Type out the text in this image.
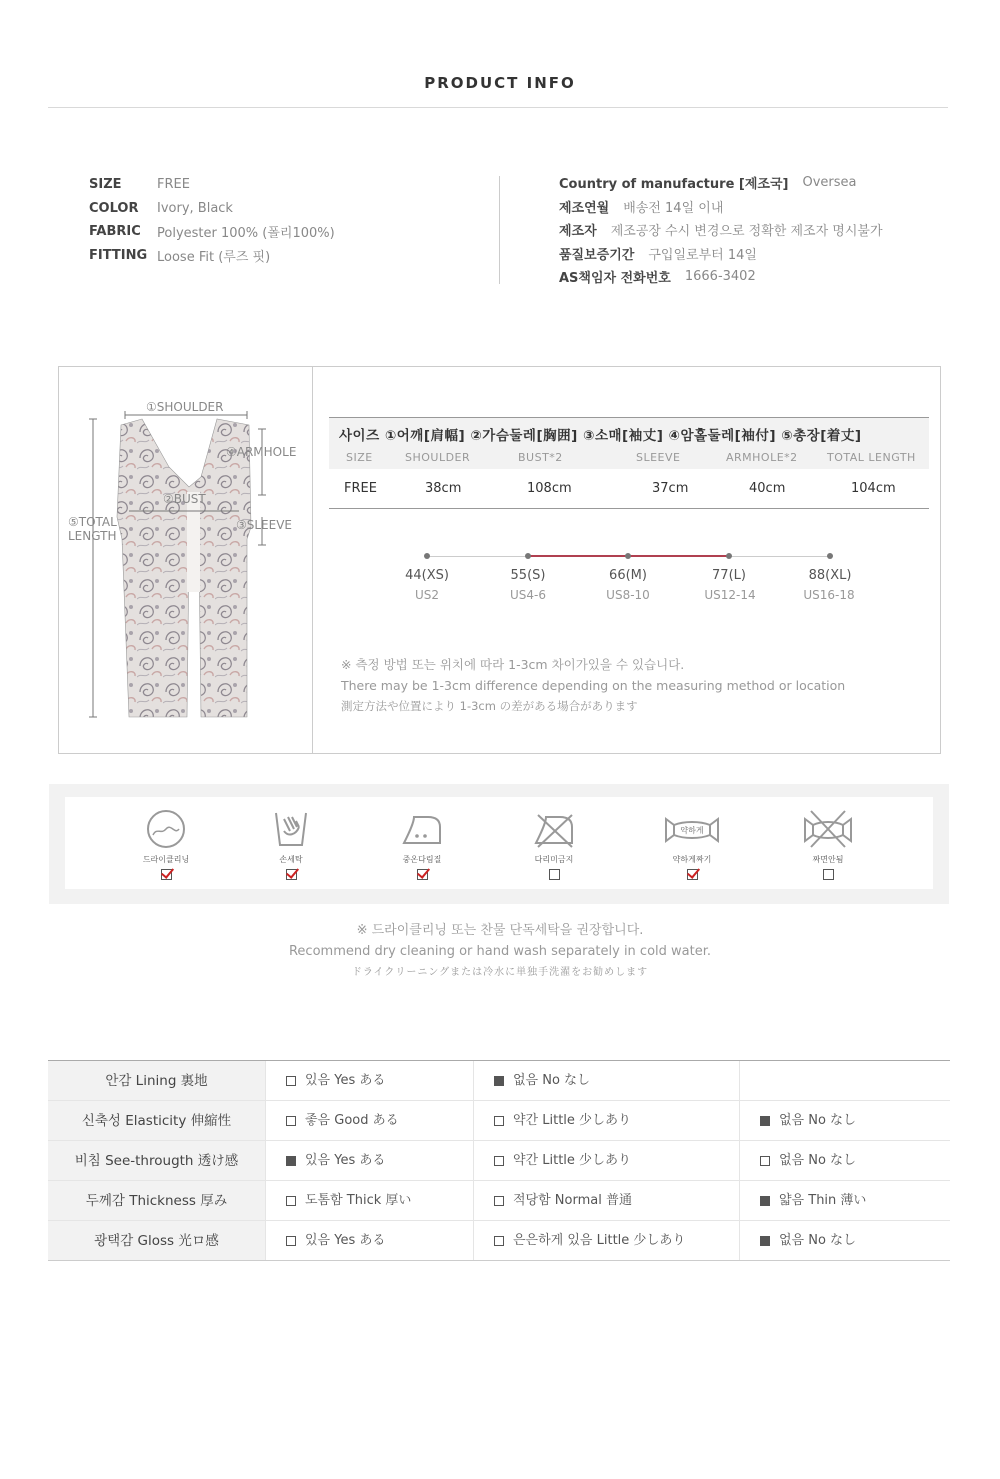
PRODUCT INFO
SIZE	FREE
COLOR	Ivory, Black
FABRIC	Polyester 100% (폴리100%)
FITTING Loose Fit (루즈 핏)
Country of manufacture [제조국] Oversea
제조연월 배송전 14일 이내
제조자 제조공장 수시 변경으로 정확한 제조자 명시불가
품질보증기간 구입일로부터 14일
AS책임자 전화번호 1666-3402
①SHOULDER
④ARMHOLE
②BUST
③SLEEVE
⑤TOTAL
LENGTH
사이즈 ①어깨[肩幅] ②가슴둘레[胸囲] ③소매[袖丈] ④암홀둘레[袖付] ⑤총장[着丈]
SIZE	SHOULDER	BUST*2	SLEEVE	ARMHOLE*2	TOTAL LENGTH
FREE	38cm	108cm	37cm	40cm	104cm
44(XS)	55(S)	66(M)	77(L)	88(XL)
US2	US4-6	US8-10	US12-14	US16-18
※ 측정 방법 또는 위치에 따라 1-3cm 차이가있을 수 있습니다.
There may be 1-3cm difference depending on the measuring method or location
測定方法や位置により 1-3cm の差がある場合があります
드라이클리닝	손세탁	중온다림질	다리미금지
약하게
약하게짜기	짜면안됨
※ 드라이클리닝 또는 찬물 단독세탁을 권장합니다.
Recommend dry cleaning or hand wash separately in cold water.
ドライクリーニングまたは冷水に単独手洗濯をお勧めします
안감 Lining 裏地	있음 Yes ある	없음 No なし
신축성 Elasticity 伸縮性	좋음 Good ある	약간 Little 少しあり	없음 No なし
비침 See-througth 透け感	있음 Yes ある	약간 Little 少しあり	없음 No なし
두께감 Thickness 厚み	도톰함 Thick 厚い	적당함 Normal 普通	얇음 Thin 薄い
광택감 Gloss 光ロ感	있음 Yes ある	은은하게 있음 Little 少しあり	없음 No なし
